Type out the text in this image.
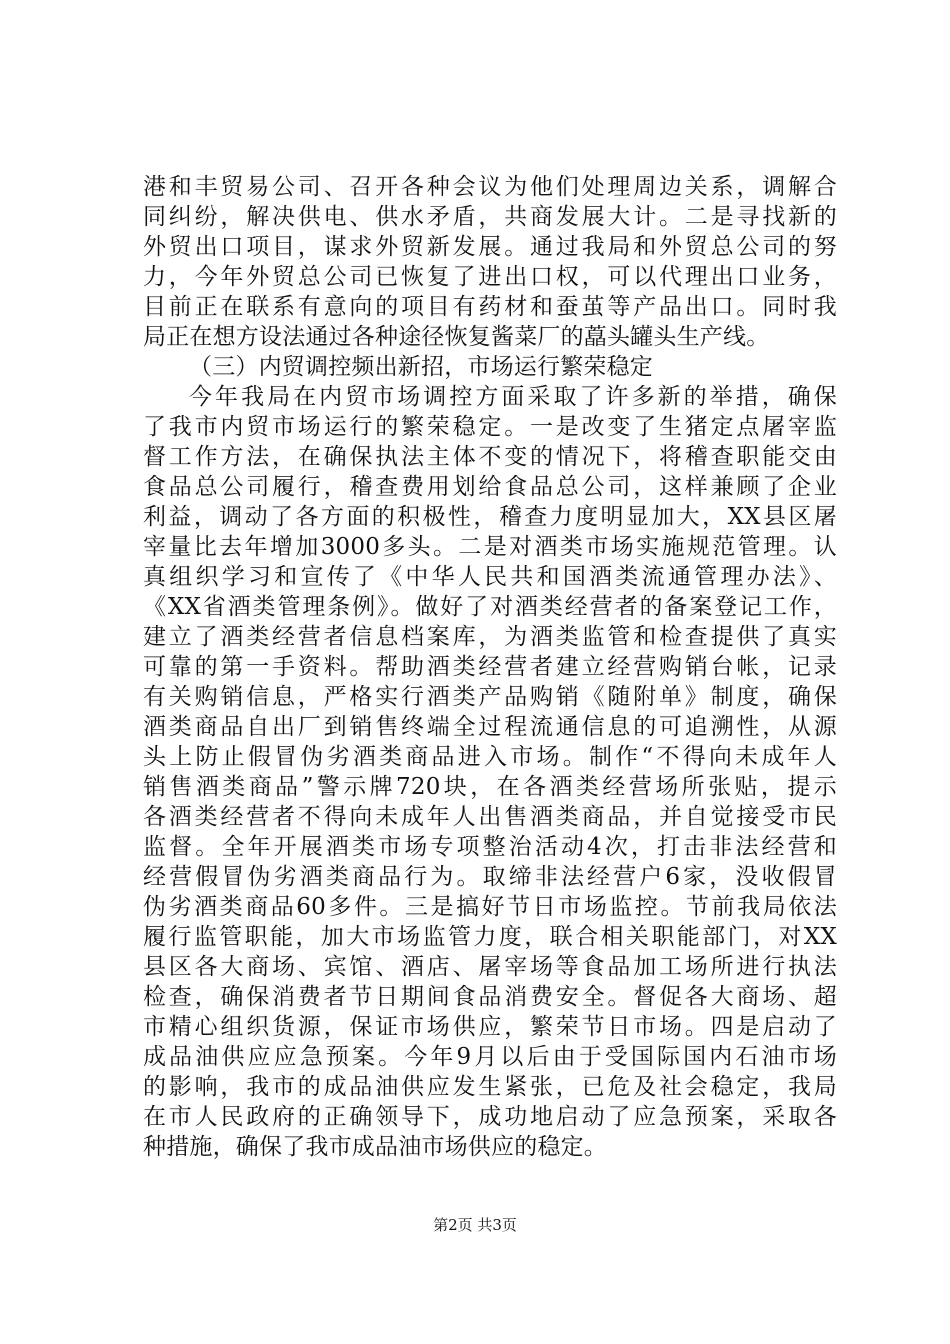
港和丰贸易公司、召开各种会议为他们处理周边关系，调解合
同纠纷，解决供电、供水矛盾，共商发展大计。二是寻找新的
外贸出口项目，谋求外贸新发展。通过我局和外贸总公司的努
力，今年外贸总公司已恢复了进出口权，可以代理出口业务，
目前正在联系有意向的项目有药材和蚕茧等产品出口。同时我
局正在想方设法通过各种途径恢复酱菜厂的藠头罐头生产线。
（三）内贸调控频出新招，市场运行繁荣稳定
今年我局在内贸市场调控方面采取了许多新的举措，确保
了我市内贸市场运行的繁荣稳定。一是改变了生猪定点屠宰监
督工作方法，在确保执法主体不变的情况下，将稽查职能交由
食品总公司履行，稽查费用划给食品总公司，这样兼顾了企业
利益，调动了各方面的积极性，稽查力度明显加大，XX县区屠
宰量比去年增加3000多头。二是对酒类市场实施规范管理。认
真组织学习和宣传了《中华人民共和国酒类流通管理办法》、
《XX省酒类管理条例》。做好了对酒类经营者的备案登记工作，
建立了酒类经营者信息档案库，为酒类监管和检查提供了真实
可靠的第一手资料。帮助酒类经营者建立经营购销台帐，记录
有关购销信息，严格实行酒类产品购销《随附单》制度，确保
酒类商品自出厂到销售终端全过程流通信息的可追溯性，从源
头上防止假冒伪劣酒类商品进入市场。制作“不得向未成年人
销售酒类商品”警示牌720块，在各酒类经营场所张贴，提示
各酒类经营者不得向未成年人出售酒类商品，并自觉接受市民
监督。全年开展酒类市场专项整治活动4次，打击非法经营和
经营假冒伪劣酒类商品行为。取缔非法经营户6家，没收假冒
伪劣酒类商品60多件。三是搞好节日市场监控。节前我局依法
履行监管职能，加大市场监管力度，联合相关职能部门，对XX
县区各大商场、宾馆、酒店、屠宰场等食品加工场所进行执法
检查，确保消费者节日期间食品消费安全。督促各大商场、超
市精心组织货源，保证市场供应，繁荣节日市场。四是启动了
成品油供应应急预案。今年9月以后由于受国际国内石油市场
的影响，我市的成品油供应发生紧张，已危及社会稳定，我局
在市人民政府的正确领导下，成功地启动了应急预案，采取各
种措施，确保了我市成品油市场供应的稳定。
第2页 共3页
